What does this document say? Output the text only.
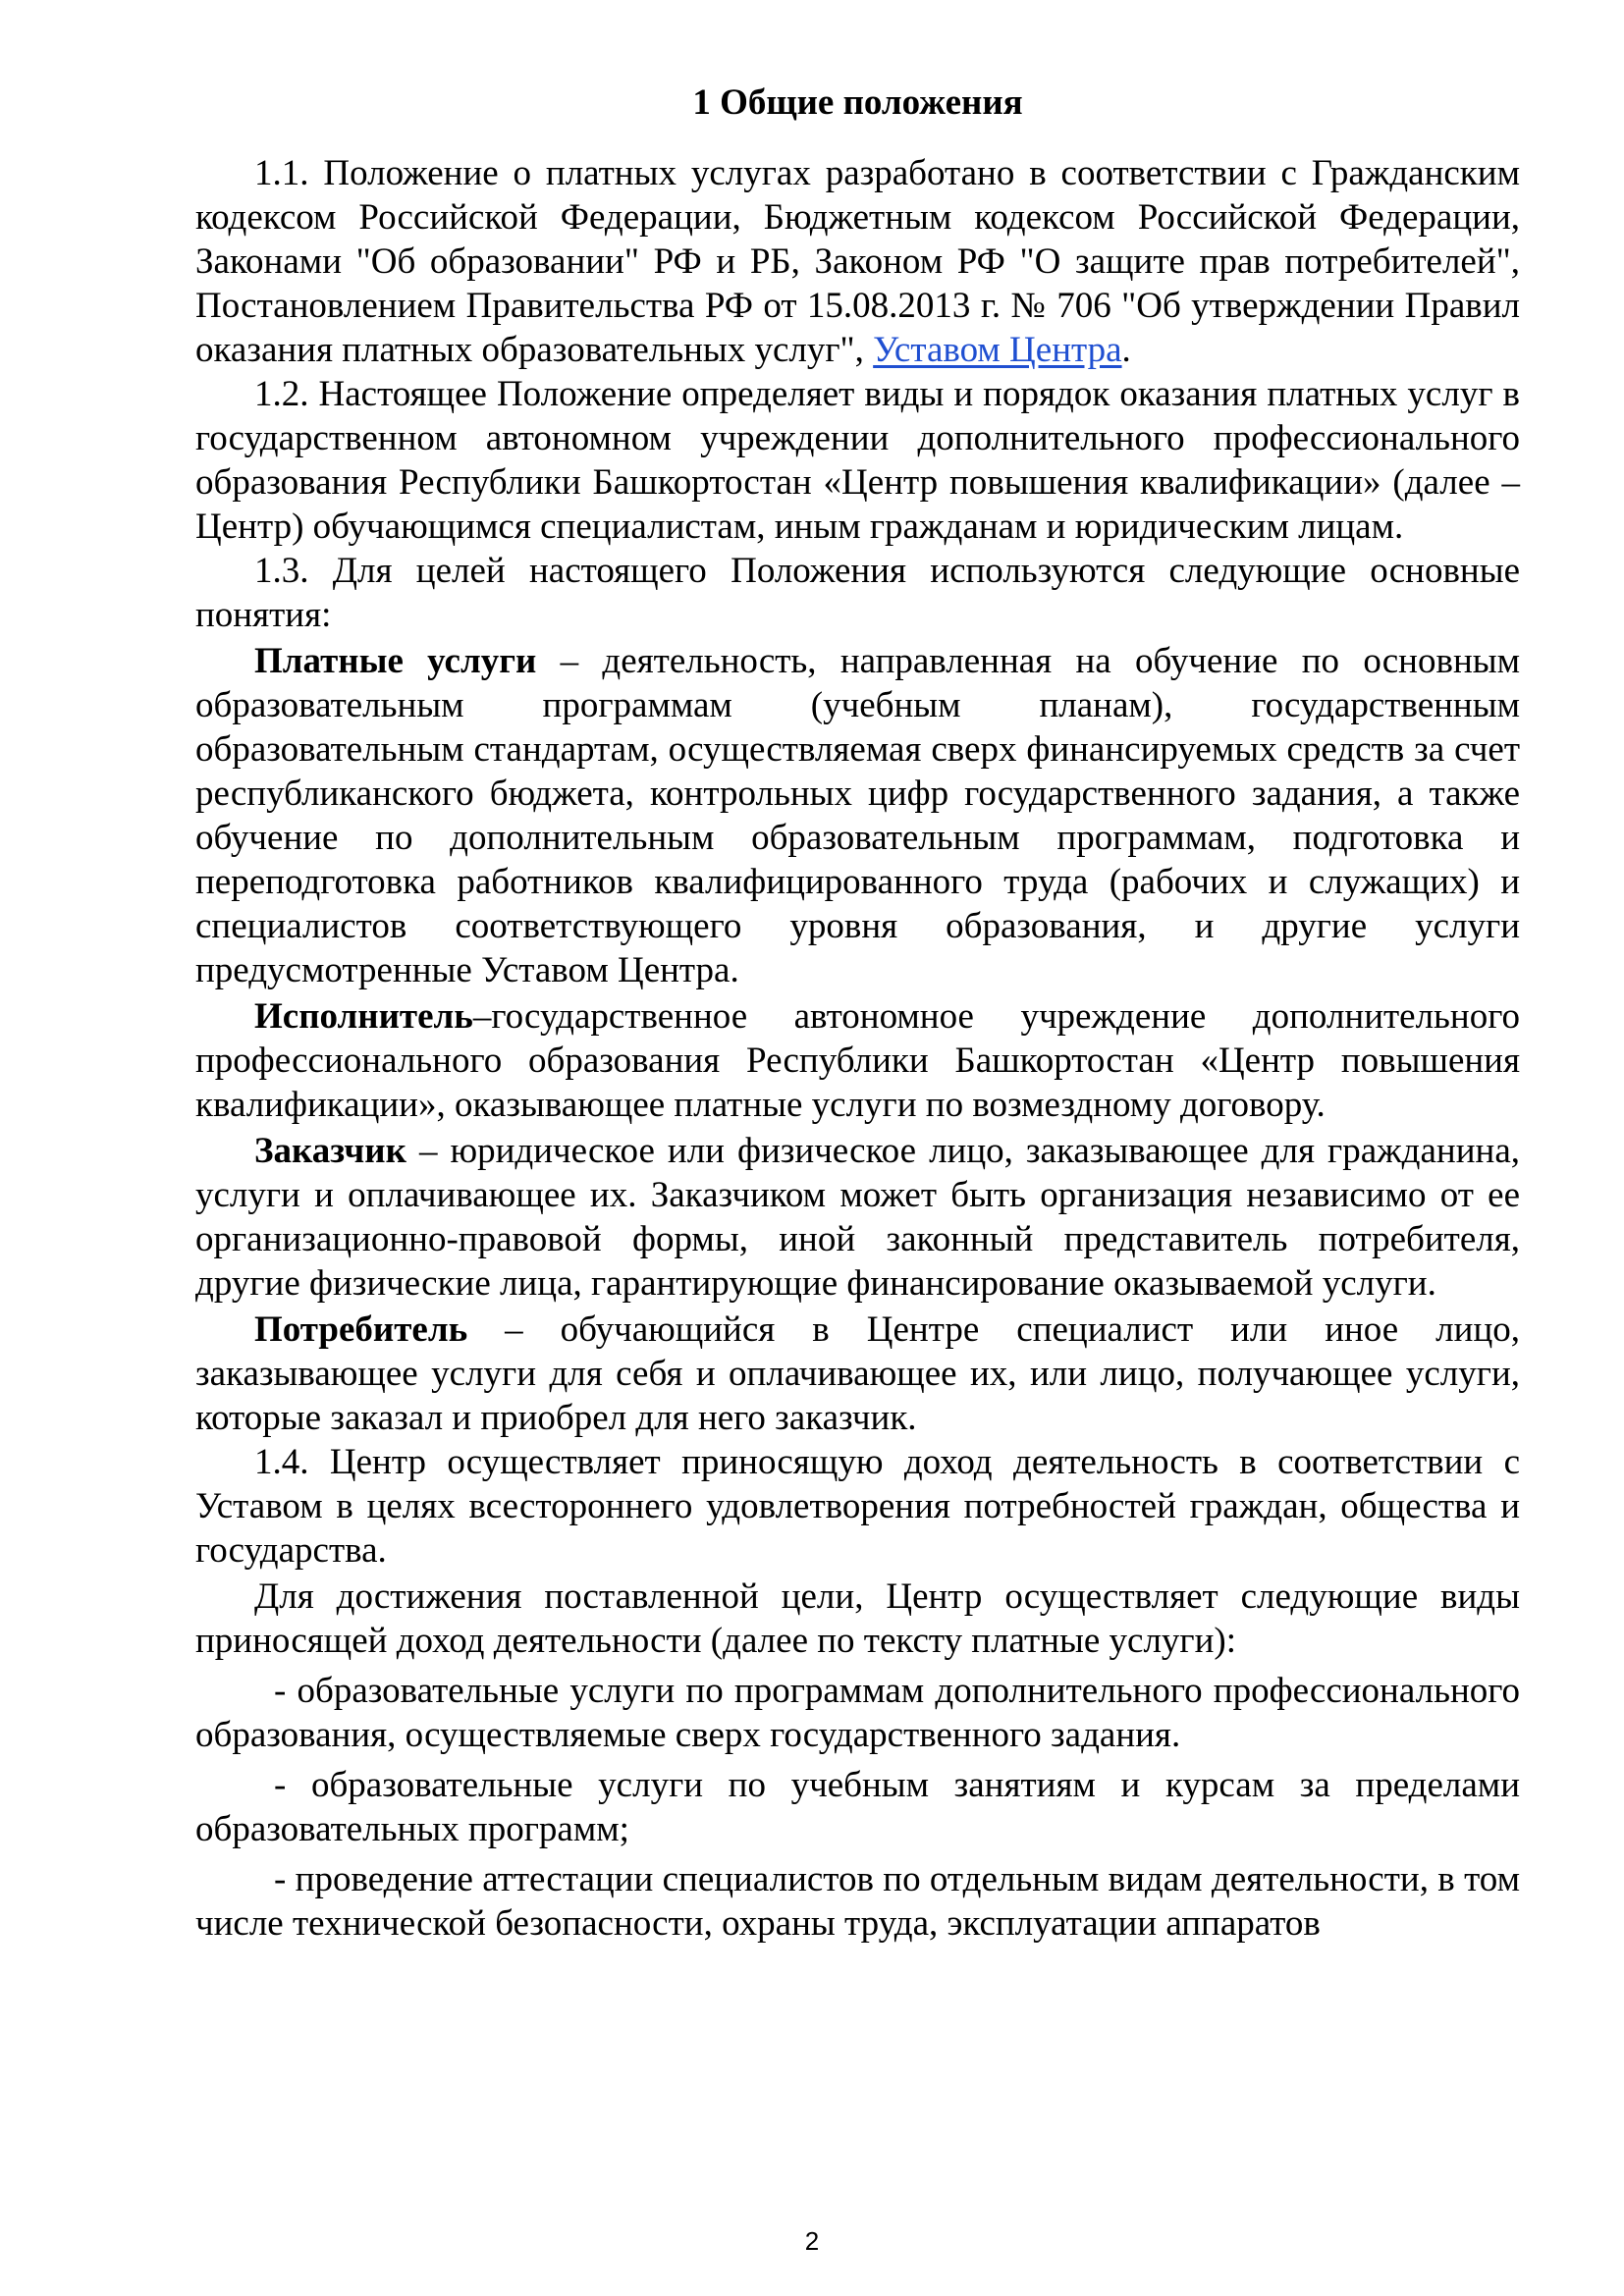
1 Общие положения

1.1. Положение о платных услугах разработано в соответствии с Гражданским кодексом Российской Федерации, Бюджетным кодексом Российской Федерации, Законами "Об образовании" РФ и РБ, Законом РФ "О защите прав потребителей", Постановлением Правительства РФ от 15.08.2013 г. № 706 "Об утверждении Правил оказания платных образовательных услуг", Уставом Центра.

1.2. Настоящее Положение определяет виды и порядок оказания платных услуг в государственном автономном учреждении дополнительного профессионального образования Республики Башкортостан «Центр повышения квалификации» (далее – Центр) обучающимся специалистам, иным гражданам и юридическим лицам.

1.3. Для целей настоящего Положения используются следующие основные понятия:

Платные услуги – деятельность, направленная на обучение по основным образовательным программам (учебным планам), государственным образовательным стандартам, осуществляемая сверх финансируемых средств за счет республиканского бюджета, контрольных цифр государственного задания, а также обучение по дополнительным образовательным программам, подготовка и переподготовка работников квалифицированного труда (рабочих и служащих) и специалистов соответствующего уровня образования, и другие услуги предусмотренные Уставом Центра.

Исполнитель–государственное автономное учреждение дополнительного профессионального образования Республики Башкортостан «Центр повышения квалификации», оказывающее платные услуги по возмездному договору.

Заказчик – юридическое или физическое лицо, заказывающее для гражданина, услуги и оплачивающее их. Заказчиком может быть организация независимо от ее организационно-правовой формы, иной законный представитель потребителя, другие физические лица, гарантирующие финансирование оказываемой услуги.

Потребитель – обучающийся в Центре специалист или иное лицо, заказывающее услуги для себя и оплачивающее их, или лицо, получающее услуги, которые заказал и приобрел для него заказчик.

1.4. Центр осуществляет приносящую доход деятельность в соответствии с Уставом в целях всестороннего удовлетворения потребностей граждан, общества и государства.

Для достижения поставленной цели, Центр осуществляет следующие виды приносящей доход деятельности (далее по тексту платные услуги):

- образовательные услуги по программам дополнительного профессионального образования, осуществляемые сверх государственного задания.

- образовательные услуги по учебным занятиям и курсам за пределами образовательных программ;

- проведение аттестации специалистов по отдельным видам деятельности, в том числе технической безопасности, охраны труда, эксплуатации аппаратов

2
